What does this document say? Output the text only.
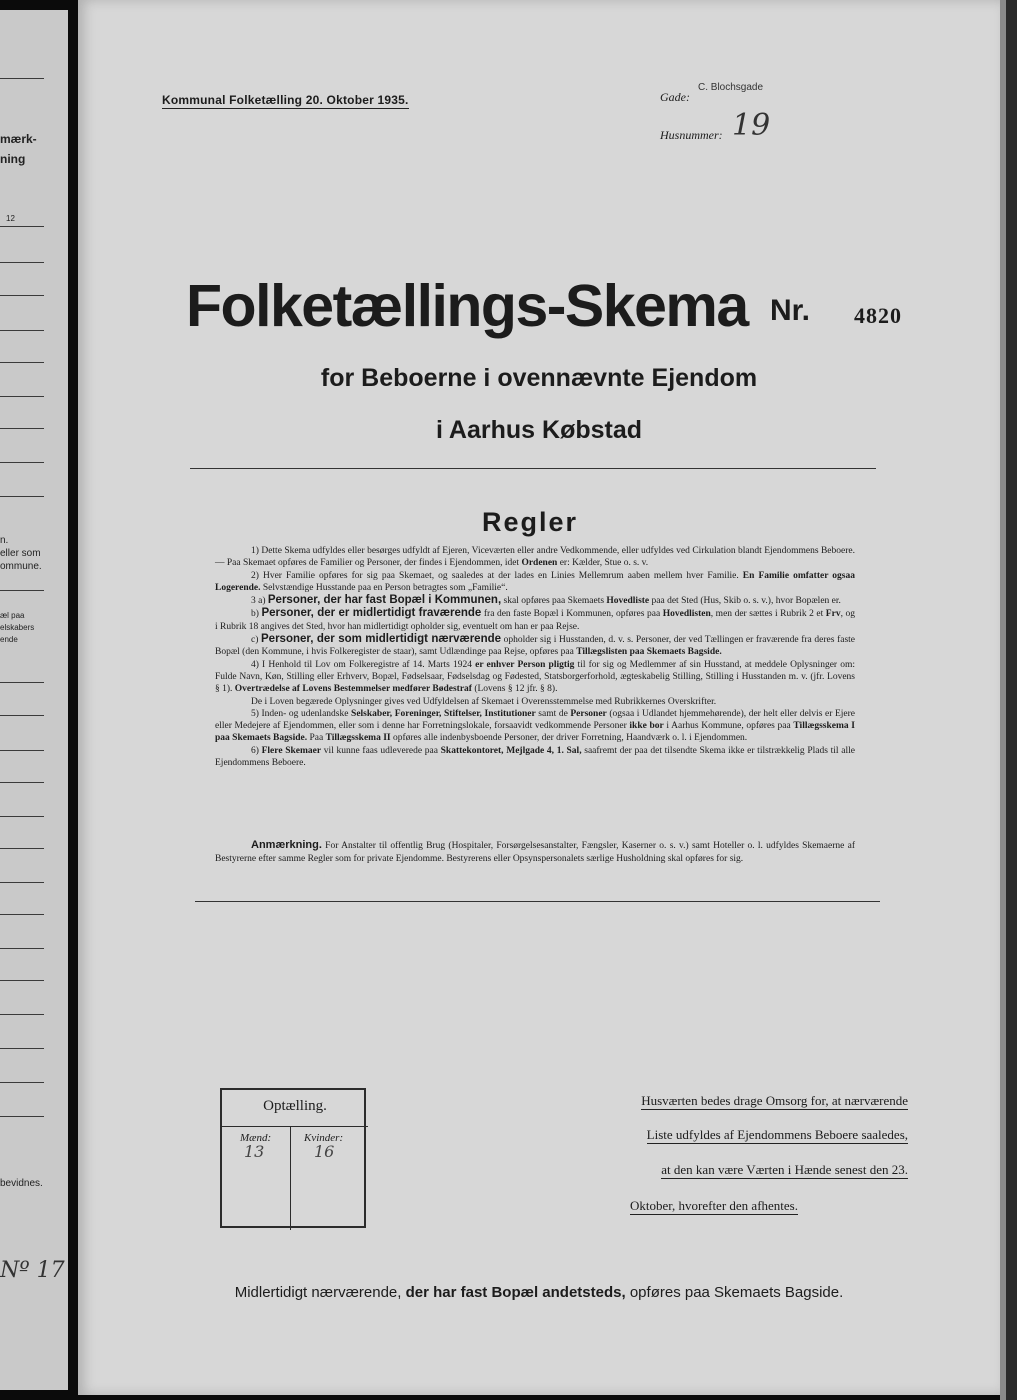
mærk-
ning
12
n.
eller som
ommune.
æl paa
elskabers
ende
bevidnes.
Nº 17
Kommunal Folketælling 20. Oktober 1935.	Gade:
C. Blochsgade
Husnummer: 19
Folketællings-Skema Nr. 4820
for Beboerne i ovennævnte Ejendom
i Aarhus Købstad
Regler

1) Dette Skema udfyldes eller besørges udfyldt af Ejeren, Viceværten eller andre Vedkommende, eller udfyldes ved Cirkulation blandt Ejendommens Beboere. — Paa Skemaet opføres de Familier og Personer, der findes i Ejendommen, idet Ordenen er: Kælder, Stue o. s. v.

2) Hver Familie opføres for sig paa Skemaet, og saaledes at der lades en Linies Mellemrum aaben mellem hver Familie. En Familie omfatter ogsaa Logerende. Selvstændige Husstande paa en Person betragtes som „Familie“.

3 a) Personer, der har fast Bopæl i Kommunen, skal opføres paa Skemaets Hovedliste paa det Sted (Hus, Skib o. s. v.), hvor Bopælen er.

b) Personer, der er midlertidigt fraværende fra den faste Bopæl i Kommunen, opføres paa Hovedlisten, men der sættes i Rubrik 2 et Frv, og i Rubrik 18 angives det Sted, hvor han midlertidigt opholder sig, eventuelt om han er paa Rejse.

c) Personer, der som midlertidigt nærværende opholder sig i Husstanden, d. v. s. Personer, der ved Tællingen er fraværende fra deres faste Bopæl (den Kommune, i hvis Folkeregister de staar), samt Udlændinge paa Rejse, opføres paa Tillægslisten paa Skemaets Bagside.

4) I Henhold til Lov om Folkeregistre af 14. Marts 1924 er enhver Person pligtig til for sig og Medlemmer af sin Husstand, at meddele Oplysninger om: Fulde Navn, Køn, Stilling eller Erhverv, Bopæl, Fødselsaar, Fødselsdag og Fødested, Statsborgerforhold, ægteskabelig Stilling, Stilling i Husstanden m. v. (jfr. Lovens § 1). Overtrædelse af Lovens Bestemmelser medfører Bødestraf (Lovens § 12 jfr. § 8).

De i Loven begærede Oplysninger gives ved Udfyldelsen af Skemaet i Overensstemmelse med Rubrikkernes Overskrifter.

5) Inden- og udenlandske Selskaber, Foreninger, Stiftelser, Institutioner samt de Personer (ogsaa i Udlandet hjemmehørende), der helt eller delvis er Ejere eller Medejere af Ejendommen, eller som i denne har Forretningslokale, forsaavidt vedkommende Personer ikke bor i Aarhus Kommune, opføres paa Tillægsskema I paa Skemaets Bagside. Paa Tillægsskema II opføres alle indenbysboende Personer, der driver Forretning, Haandværk o. l. i Ejendommen.

6) Flere Skemaer vil kunne faas udleverede paa Skattekontoret, Mejlgade 4, 1. Sal, saafremt der paa det tilsendte Skema ikke er tilstrækkelig Plads til alle Ejendommens Beboere.

Anmærkning. For Anstalter til offentlig Brug (Hospitaler, Forsørgelsesanstalter, Fængsler, Kaserner o. s. v.) samt Hoteller o. l. udfyldes Skemaerne af Bestyrerne efter samme Regler som for private Ejendomme. Bestyrerens eller Opsynspersonalets særlige Husholdning skal opføres for sig.

Optælling.
Mænd:
13
Kvinder:
16
Husværten bedes drage Omsorg for, at nærværende
Liste udfyldes af Ejendommens Beboere saaledes,
at den kan være Værten i Hænde senest den 23.
Oktober, hvorefter den afhentes.
Midlertidigt nærværende, der har fast Bopæl andetsteds, opføres paa Skemaets Bagside.
